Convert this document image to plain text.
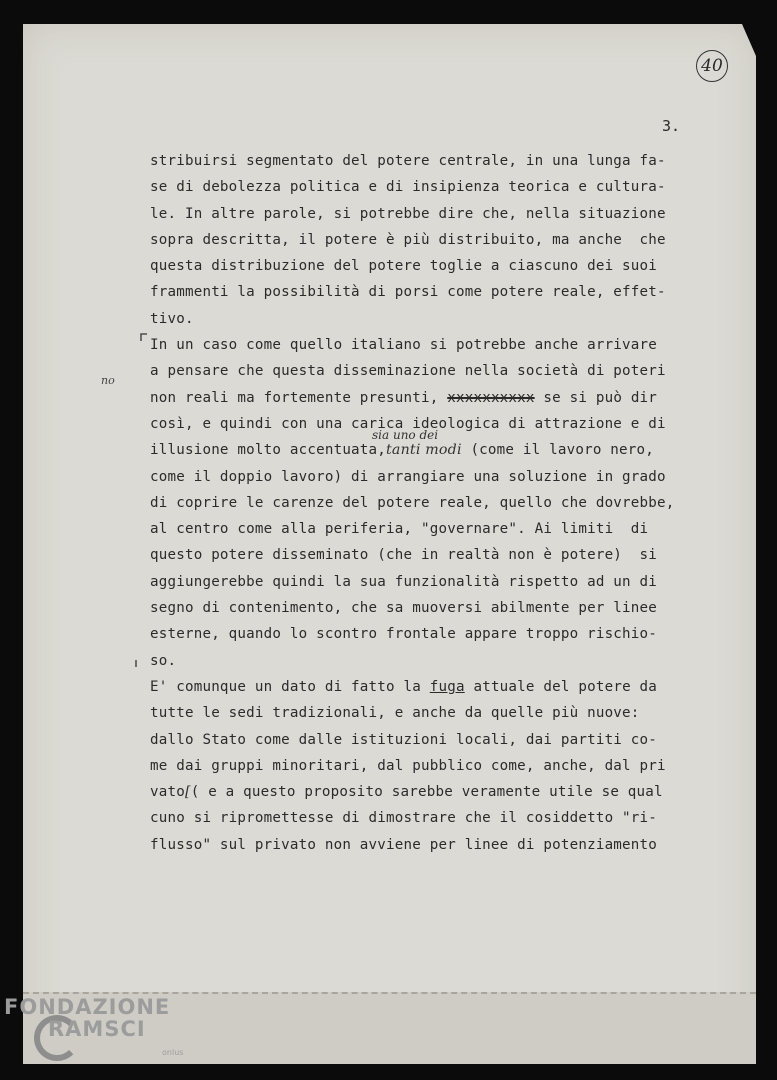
40
3.
no
sia uno dei
stribuirsi segmentato del potere centrale, in una lunga fa-
se di debolezza politica e di insipienza teorica e cultura-
le. In altre parole, si potrebbe dire che, nella situazione
sopra descritta, il potere è più distribuito, ma anche  che
questa distribuzione del potere toglie a ciascuno dei suoi
frammenti la possibilità di porsi come potere reale, effet-
tivo.
In un caso come quello italiano si potrebbe anche arrivare
a pensare che questa disseminazione nella società di poteri
non reali ma fortemente presunti, xxxxxxxxxx se si può dir
così, e quindi con una carica ideologica di attrazione e di
illusione molto accentuata,tanti modi (come il lavoro nero,
come il doppio lavoro) di arrangiare una soluzione in grado
di coprire le carenze del potere reale, quello che dovrebbe,
al centro come alla periferia, "governare". Ai limiti  di
questo potere disseminato (che in realtà non è potere)  si
aggiungerebbe quindi la sua funzionalità rispetto ad un di
segno di contenimento, che sa muoversi abilmente per linee
esterne, quando lo scontro frontale appare troppo rischio-
so.
E' comunque un dato di fatto la fuga attuale del potere da
tutte le sedi tradizionali, e anche da quelle più nuove:
dallo Stato come dalle istituzioni locali, dai partiti co-
me dai gruppi minoritari, dal pubblico come, anche, dal pri
vato[( e a questo proposito sarebbe veramente utile se qual
cuno si ripromettesse di dimostrare che il cosiddetto "ri-
flusso" sul privato non avviene per linee di potenziamento
FONDAZIONE
RAMSCI
onlus
